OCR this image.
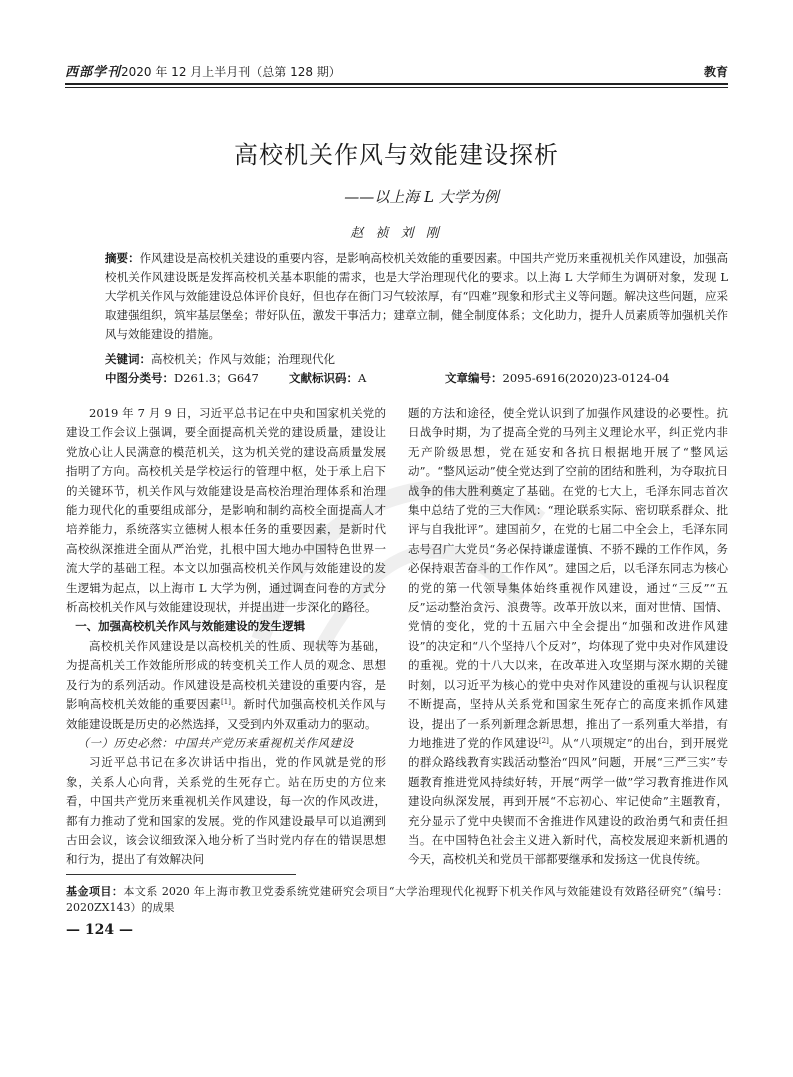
西部学刊2020 年 12 月上半月刊（总第 128 期）	教育
高校机关作风与效能建设探析
——以上海 L 大学为例
赵 祯 刘 刚

摘要：作风建设是高校机关建设的重要内容，是影响高校机关效能的重要因素。中国共产党历来重视机关作风建设，加强高校机关作风建设既是发挥高校机关基本职能的需求，也是大学治理现代化的要求。以上海 L 大学师生为调研对象，发现 L 大学机关作风与效能建设总体评价良好，但也存在衙门习气较浓厚，有“四难”现象和形式主义等问题。解决这些问题，应采取建强组织，筑牢基层堡垒；带好队伍，激发干事活力；建章立制，健全制度体系；文化助力，提升人员素质等加强机关作风与效能建设的措施。

关键词：高校机关；作风与效能；治理现代化
中图分类号：D261.3；G647	文献标识码：A	文章编号：2095-6916(2020)23-0124-04

2019 年 7 月 9 日，习近平总书记在中央和国家机关党的建设工作会议上强调，要全面提高机关党的建设质量，建设让党放心让人民满意的模范机关，这为机关党的建设高质量发展指明了方向。高校机关是学校运行的管理中枢，处于承上启下的关键环节，机关作风与效能建设是高校治理治理体系和治理能力现代化的重要组成部分，是影响和制约高校全面提高人才培养能力，系统落实立德树人根本任务的重要因素，是新时代高校纵深推进全面从严治党，扎根中国大地办中国特色世界一流大学的基础工程。本文以加强高校机关作风与效能建设的发生逻辑为起点，以上海市 L 大学为例，通过调查问卷的方式分析高校机关作风与效能建设现状，并提出进一步深化的路径。

一、加强高校机关作风与效能建设的发生逻辑

高校机关作风建设是以高校机关的性质、现状等为基础，为提高机关工作效能所形成的转变机关工作人员的观念、思想及行为的系列活动。作风建设是高校机关建设的重要内容，是影响高校机关效能的重要因素[1]。新时代加强高校机关作风与效能建设既是历史的必然选择，又受到内外双重动力的驱动。

（一）历史必然：中国共产党历来重视机关作风建设

习近平总书记在多次讲话中指出，党的作风就是党的形象，关系人心向背，关系党的生死存亡。站在历史的方位来看，中国共产党历来重视机关作风建设，每一次的作风改进，都有力推动了党和国家的发展。党的作风建设最早可以追溯到古田会议，该会议细致深入地分析了当时党内存在的错误思想和行为，提出了有效解决问

题的方法和途径，使全党认识到了加强作风建设的必要性。抗日战争时期，为了提高全党的马列主义理论水平，纠正党内非无产阶级思想，党在延安和各抗日根据地开展了“整风运动”。“整风运动”使全党达到了空前的团结和胜利，为夺取抗日战争的伟大胜利奠定了基础。在党的七大上，毛泽东同志首次集中总结了党的三大作风：“理论联系实际、密切联系群众、批评与自我批评”。建国前夕，在党的七届二中全会上，毛泽东同志号召广大党员“务必保持谦虚谨慎、不骄不躁的工作作风，务必保持艰苦奋斗的工作作风”。建国之后，以毛泽东同志为核心的党的第一代领导集体始终重视作风建设，通过“三反”“五反”运动整治贪污、浪费等。改革开放以来，面对世情、国情、党情的变化，党的十五届六中全会提出“加强和改进作风建设”的决定和“八个坚持八个反对”，均体现了党中央对作风建设的重视。党的十八大以来，在改革进入攻坚期与深水期的关键时刻，以习近平为核心的党中央对作风建设的重视与认识程度不断提高，坚持从关系党和国家生死存亡的高度来抓作风建设，提出了一系列新理念新思想，推出了一系列重大举措，有力地推进了党的作风建设[2]。从“八项规定”的出台，到开展党的群众路线教育实践活动整治“四风”问题，开展“三严三实”专题教育推进党风持续好转，开展“两学一做”学习教育推进作风建设向纵深发展，再到开展“不忘初心、牢记使命”主题教育，充分显示了党中央锲而不舍推进作风建设的政治勇气和责任担当。在中国特色社会主义进入新时代，高校发展迎来新机遇的今天，高校机关和党员干部都要继承和发扬这一优良传统。

基金项目：本文系 2020 年上海市教卫党委系统党建研究会项目“大学治理现代化视野下机关作风与效能建设有效路径研究”（编号：2020ZX143）的成果
— 124 —
